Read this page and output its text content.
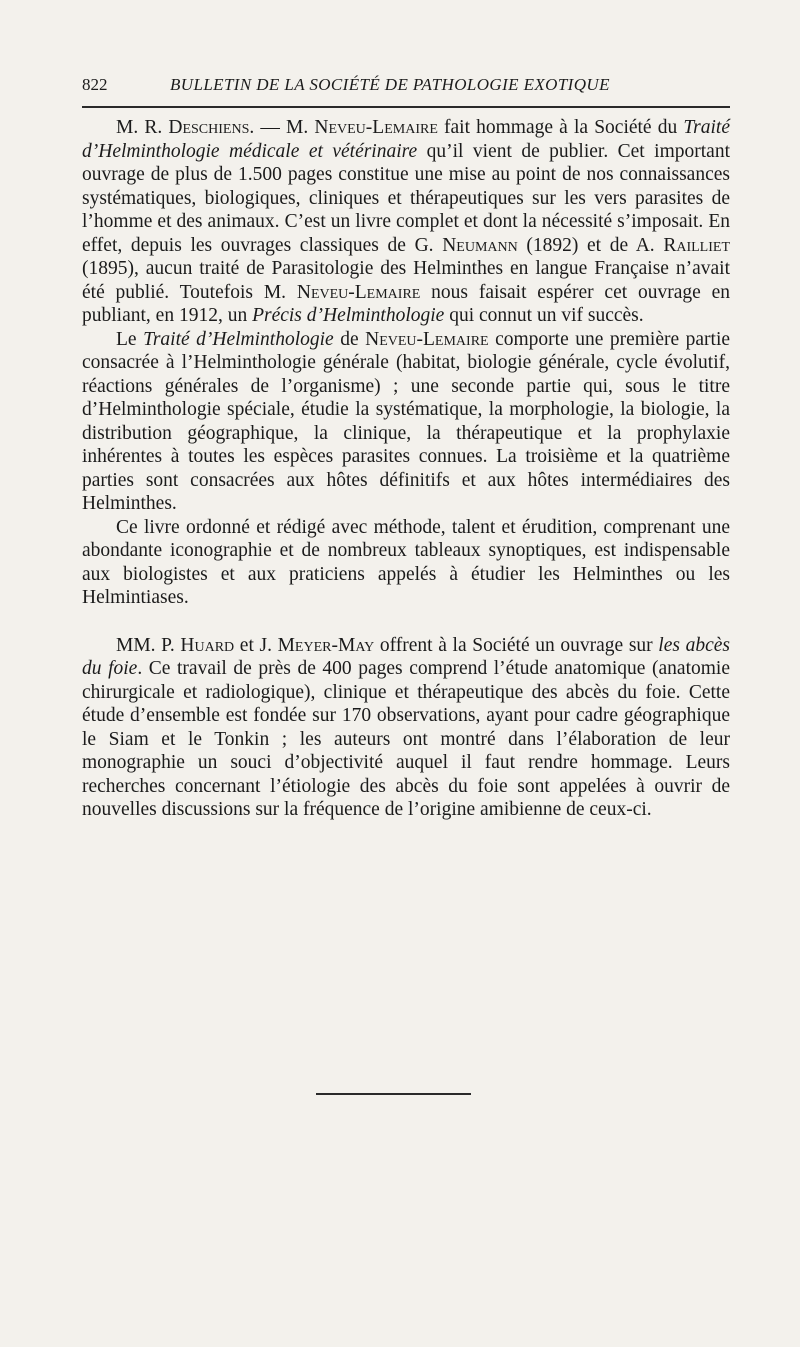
822	BULLETIN DE LA SOCIÉTÉ DE PATHOLOGIE EXOTIQUE

M. R. Deschiens. — M. Neveu-Lemaire fait hommage à la Société du Traité d’Helminthologie médicale et vétérinaire qu’il vient de publier. Cet important ouvrage de plus de 1.500 pages constitue une mise au point de nos connaissances systématiques, biologiques, cliniques et thérapeutiques sur les vers parasites de l’homme et des animaux. C’est un livre complet et dont la nécessité s’imposait. En effet, depuis les ouvrages classiques de G. Neumann (1892) et de A. Railliet (1895), aucun traité de Parasitologie des Helminthes en langue Française n’avait été publié. Toutefois M. Neveu-Lemaire nous faisait espérer cet ouvrage en publiant, en 1912, un Précis d’Helminthologie qui connut un vif succès.

Le Traité d’Helminthologie de Neveu-Lemaire comporte une première partie consacrée à l’Helminthologie générale (habitat, biologie générale, cycle évolutif, réactions générales de l’organisme) ; une seconde partie qui, sous le titre d’Helminthologie spéciale, étudie la systématique, la morphologie, la biologie, la distribution géographique, la clinique, la thérapeutique et la prophylaxie inhérentes à toutes les espèces parasites connues. La troisième et la quatrième parties sont consacrées aux hôtes définitifs et aux hôtes intermédiaires des Helminthes.

Ce livre ordonné et rédigé avec méthode, talent et érudition, comprenant une abondante iconographie et de nombreux tableaux synoptiques, est indispensable aux biologistes et aux praticiens appelés à étudier les Helminthes ou les Helmintiases.

MM. P. Huard et J. Meyer-May offrent à la Société un ouvrage sur les abcès du foie. Ce travail de près de 400 pages comprend l’étude anatomique (anatomie chirurgicale et radiologique), clinique et thérapeutique des abcès du foie. Cette étude d’ensemble est fondée sur 170 observations, ayant pour cadre géographique le Siam et le Tonkin ; les auteurs ont montré dans l’élaboration de leur monographie un souci d’objectivité auquel il faut rendre hommage. Leurs recherches concernant l’étiologie des abcès du foie sont appelées à ouvrir de nouvelles discussions sur la fréquence de l’origine amibienne de ceux-ci.
